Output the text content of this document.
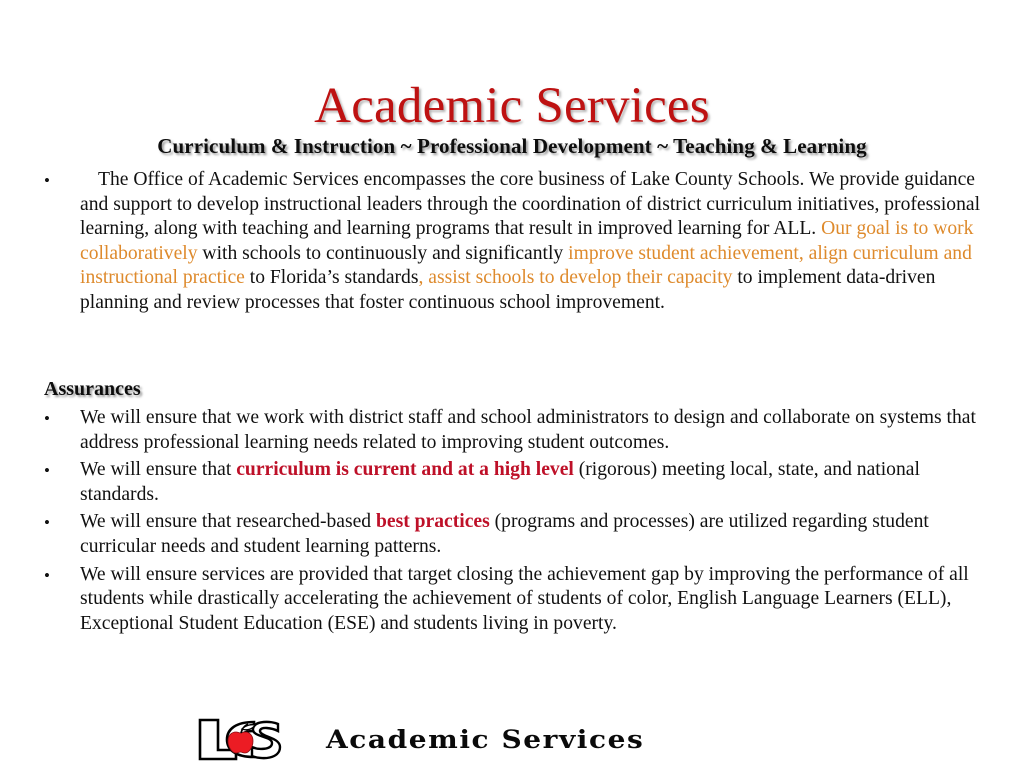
Academic Services
Curriculum & Instruction ~ Professional Development ~ Teaching & Learning
•	The Office of Academic Services encompasses the core business of Lake County Schools. We provide guidance and support to develop instructional leaders through the coordination of district curriculum initiatives, professional learning, along with teaching and learning programs that result in improved learning for ALL. Our goal is to work collaboratively with schools to continuously and significantly improve student achievement, align curriculum and instructional practice to Florida’s standards, assist schools to develop their capacity to implement data-driven planning and review processes that foster continuous school improvement.
Assurances
•	We will ensure that we work with district staff and school administrators to design and collaborate on systems that address professional learning needs related to improving student outcomes.
•	We will ensure that curriculum is current and at a high level (rigorous) meeting local, state, and national standards.
•	We will ensure that researched-based best practices (programs and processes) are utilized regarding student curricular needs and student learning patterns.
•	We will ensure services are provided that target closing the achievement gap by improving the performance of all students while drastically accelerating the achievement of students of color, English Language Learners (ELL), Exceptional Student Education (ESE) and students living in poverty.
Academic Services
